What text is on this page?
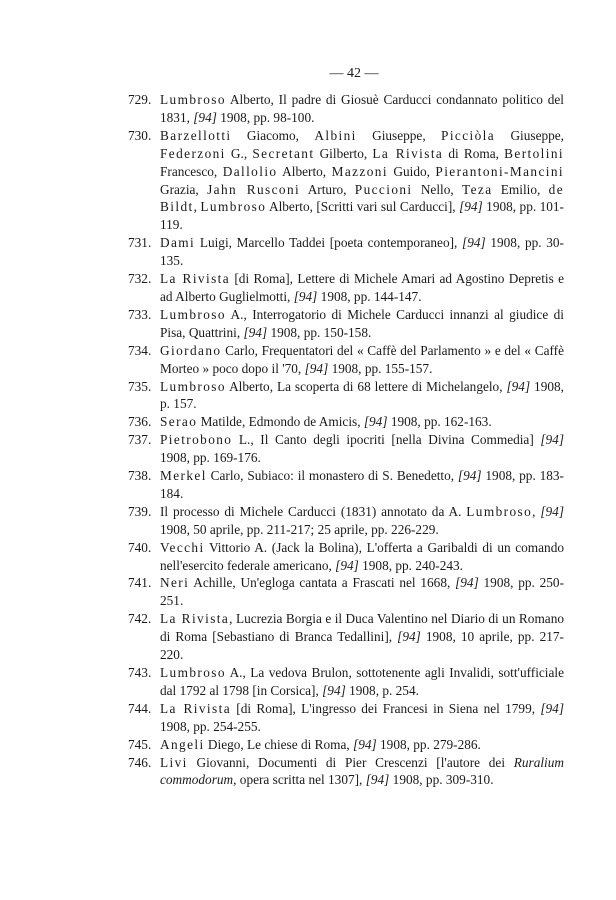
— 42 —
729. Lumbroso Alberto, Il padre di Giosuè Carducci condannato politico del 1831, [94] 1908, pp. 98-100.
730. Barzellotti Giacomo, Albini Giuseppe, Picciòla Giuseppe, Federzoni G., Secretant Gilberto, La Rivista di Roma, Bertolini Francesco, Dallolio Alberto, Mazzoni Guido, Pierantoni-Mancini Grazia, Jahn Rusconi Arturo, Puccioni Nello, Teza Emilio, de Bildt, Lumbroso Alberto, [Scritti vari sul Carducci], [94] 1908, pp. 101-119.
731. Dami Luigi, Marcello Taddei [poeta contemporaneo], [94] 1908, pp. 30-135.
732. La Rivista [di Roma], Lettere di Michele Amari ad Agostino Depretis e ad Alberto Guglielmotti, [94] 1908, pp. 144-147.
733. Lumbroso A., Interrogatorio di Michele Carducci innanzi al giudice di Pisa, Quattrini, [94] 1908, pp. 150-158.
734. Giordano Carlo, Frequentatori del « Caffè del Parlamento » e del « Caffè Morteo » poco dopo il '70, [94] 1908, pp. 155-157.
735. Lumbroso Alberto, La scoperta di 68 lettere di Michelangelo, [94] 1908, p. 157.
736. Serao Matilde, Edmondo de Amicis, [94] 1908, pp. 162-163.
737. Pietrobono L., Il Canto degli ipocriti [nella Divina Commedia] [94] 1908, pp. 169-176.
738. Merkel Carlo, Subiaco: il monastero di S. Benedetto, [94] 1908, pp. 183-184.
739. Il processo di Michele Carducci (1831) annotato da A. Lumbroso, [94] 1908, 50 aprile, pp. 211-217; 25 aprile, pp. 226-229.
740. Vecchi Vittorio A. (Jack la Bolina), L'offerta a Garibaldi di un comando nell'esercito federale americano, [94] 1908, pp. 240-243.
741. Neri Achille, Un'egloga cantata a Frascati nel 1668, [94] 1908, pp. 250-251.
742. La Rivista, Lucrezia Borgia e il Duca Valentino nel Diario di un Romano di Roma [Sebastiano di Branca Tedallini], [94] 1908, 10 aprile, pp. 217-220.
743. Lumbroso A., La vedova Brulon, sottotenente agli Invalidi, sott'ufficiale dal 1792 al 1798 [in Corsica], [94] 1908, p. 254.
744. La Rivista [di Roma], L'ingresso dei Francesi in Siena nel 1799, [94] 1908, pp. 254-255.
745. Angeli Diego, Le chiese di Roma, [94] 1908, pp. 279-286.
746. Livi Giovanni, Documenti di Pier Crescenzi [l'autore dei Ruralium commodorum, opera scritta nel 1307], [94] 1908, pp. 309-310.
